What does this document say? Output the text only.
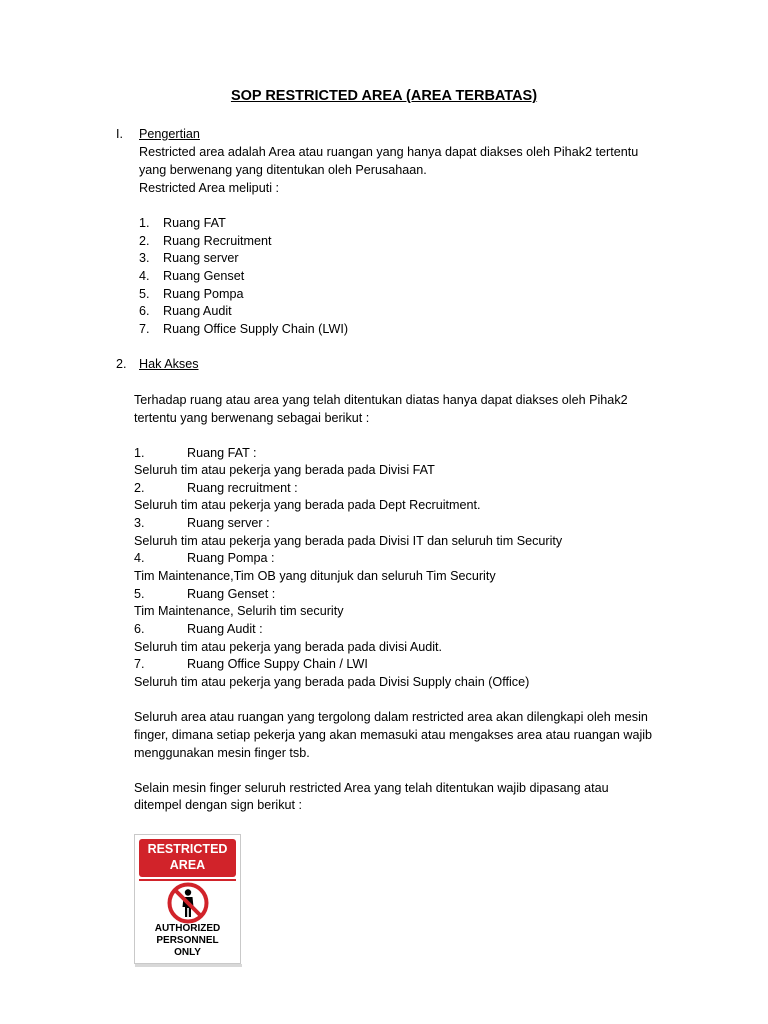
SOP RESTRICTED AREA (AREA TERBATAS)
I. Pengertian
Restricted area adalah Area atau ruangan yang hanya dapat diakses oleh Pihak2 tertentu
yang berwenang yang ditentukan oleh Perusahaan.
Restricted Area meliputi :
1. Ruang FAT
2. Ruang Recruitment
3. Ruang server
4. Ruang Genset
5. Ruang Pompa
6. Ruang Audit
7. Ruang Office Supply Chain (LWI)
2. Hak Akses
Terhadap ruang atau area yang telah ditentukan diatas hanya dapat diakses oleh Pihak2
tertentu yang berwenang sebagai berikut :
1.	Ruang FAT :
Seluruh tim atau pekerja yang berada pada Divisi FAT
2.	Ruang recruitment :
Seluruh tim atau pekerja yang berada pada Dept Recruitment.
3.	Ruang server :
Seluruh tim atau pekerja yang berada pada Divisi IT dan seluruh tim Security
4.	Ruang Pompa :
Tim Maintenance,Tim OB yang ditunjuk dan seluruh Tim Security
5.	Ruang Genset :
Tim Maintenance, Selurih tim security
6.	Ruang Audit :
Seluruh tim atau pekerja yang berada pada divisi Audit.
7.	Ruang Office Suppy Chain / LWI
Seluruh tim atau pekerja yang berada pada Divisi Supply chain (Office)
Seluruh area atau ruangan yang tergolong dalam restricted area akan dilengkapi oleh mesin
finger, dimana setiap pekerja yang akan memasuki atau mengakses area atau ruangan wajib
menggunakan mesin finger tsb.
Selain mesin finger seluruh restricted Area yang telah ditentukan wajib dipasang atau
ditempel dengan sign berikut :
RESTRICTED
AREA
AUTHORIZED
PERSONNEL
ONLY
